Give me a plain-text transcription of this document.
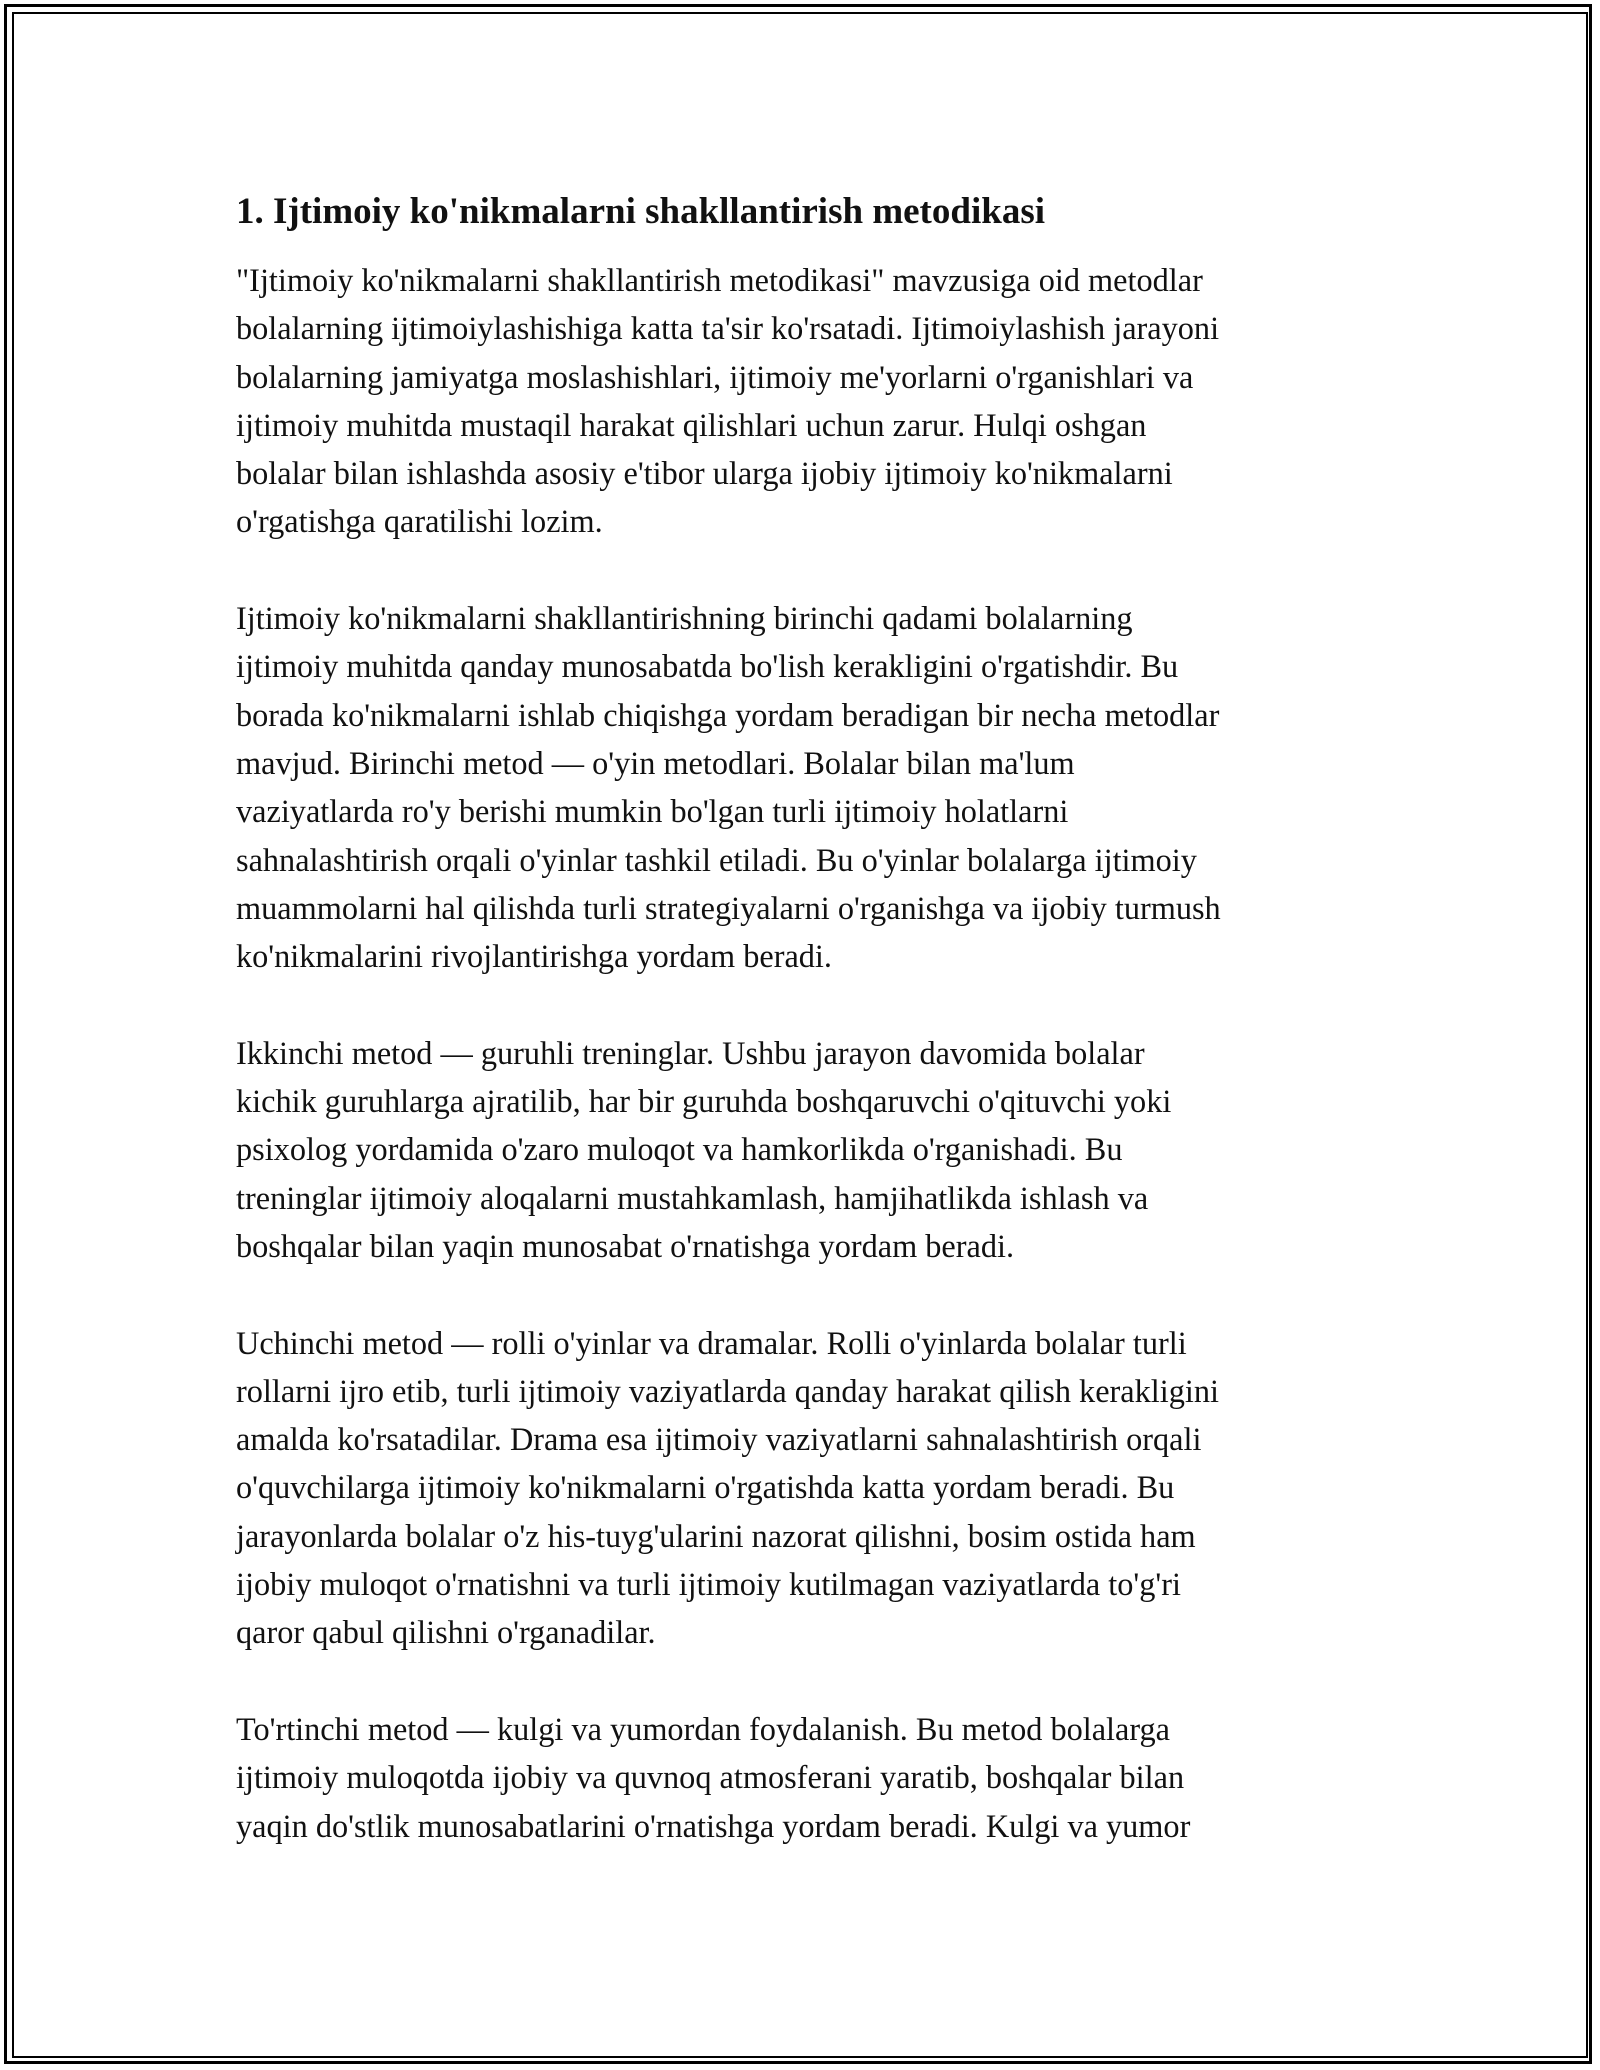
1. Ijtimoiy ko'nikmalarni shakllantirish metodikasi
"Ijtimoiy ko'nikmalarni shakllantirish metodikasi" mavzusiga oid metodlar
bolalarning ijtimoiylashishiga katta ta'sir ko'rsatadi. Ijtimoiylashish jarayoni
bolalarning jamiyatga moslashishlari, ijtimoiy me'yorlarni o'rganishlari va
ijtimoiy muhitda mustaqil harakat qilishlari uchun zarur. Hulqi oshgan
bolalar bilan ishlashda asosiy e'tibor ularga ijobiy ijtimoiy ko'nikmalarni
o'rgatishga qaratilishi lozim.
Ijtimoiy ko'nikmalarni shakllantirishning birinchi qadami bolalarning
ijtimoiy muhitda qanday munosabatda bo'lish kerakligini o'rgatishdir. Bu
borada ko'nikmalarni ishlab chiqishga yordam beradigan bir necha metodlar
mavjud. Birinchi metod — o'yin metodlari. Bolalar bilan ma'lum
vaziyatlarda ro'y berishi mumkin bo'lgan turli ijtimoiy holatlarni
sahnalashtirish orqali o'yinlar tashkil etiladi. Bu o'yinlar bolalarga ijtimoiy
muammolarni hal qilishda turli strategiyalarni o'rganishga va ijobiy turmush
ko'nikmalarini rivojlantirishga yordam beradi.
Ikkinchi metod — guruhli treninglar. Ushbu jarayon davomida bolalar
kichik guruhlarga ajratilib, har bir guruhda boshqaruvchi o'qituvchi yoki
psixolog yordamida o'zaro muloqot va hamkorlikda o'rganishadi. Bu
treninglar ijtimoiy aloqalarni mustahkamlash, hamjihatlikda ishlash va
boshqalar bilan yaqin munosabat o'rnatishga yordam beradi.
Uchinchi metod — rolli o'yinlar va dramalar. Rolli o'yinlarda bolalar turli
rollarni ijro etib, turli ijtimoiy vaziyatlarda qanday harakat qilish kerakligini
amalda ko'rsatadilar. Drama esa ijtimoiy vaziyatlarni sahnalashtirish orqali
o'quvchilarga ijtimoiy ko'nikmalarni o'rgatishda katta yordam beradi. Bu
jarayonlarda bolalar o'z his-tuyg'ularini nazorat qilishni, bosim ostida ham
ijobiy muloqot o'rnatishni va turli ijtimoiy kutilmagan vaziyatlarda to'g'ri
qaror qabul qilishni o'rganadilar.
To'rtinchi metod — kulgi va yumordan foydalanish. Bu metod bolalarga
ijtimoiy muloqotda ijobiy va quvnoq atmosferani yaratib, boshqalar bilan
yaqin do'stlik munosabatlarini o'rnatishga yordam beradi. Kulgi va yumor
